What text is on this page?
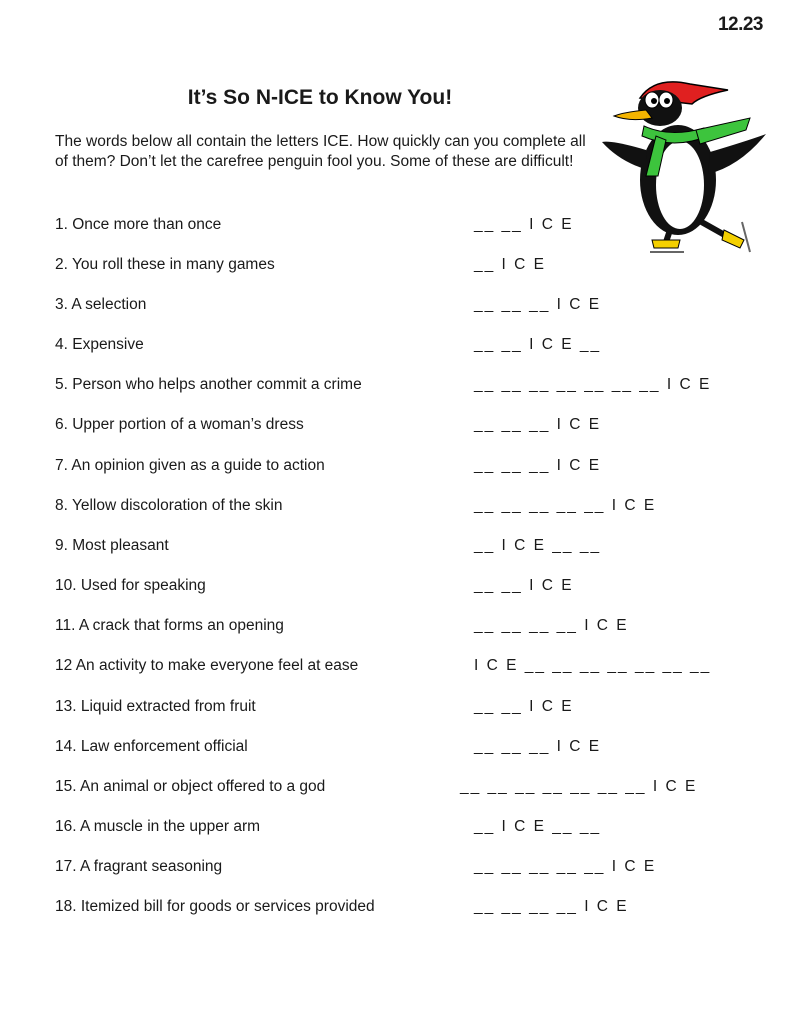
12.23
It’s So N-ICE to Know You!
The words below all contain the letters ICE. How quickly can you complete all of them? Don’t let the carefree penguin fool you. Some of these are difficult!
1. Once more than once	__ __ I C E
2. You roll these in many games	__ I C E
3. A selection	__ __ __ I C E
4. Expensive	__ __ I C E __
5. Person who helps another commit a crime	__ __ __ __ __ __ __ I C E
6. Upper portion of a woman’s dress	__ __ __ I C E
7. An opinion given as a guide to action	__ __ __ I C E
8. Yellow discoloration of the skin	__ __ __ __ __ I C E
9. Most pleasant	__ I C E __ __
10. Used for speaking	__ __ I C E
11. A crack that forms an opening	__ __ __ __ I C E
12 An activity to make everyone feel at ease	I C E __ __ __ __ __ __ __
13. Liquid extracted from fruit	__ __ I C E
14. Law enforcement official	__ __ __ I C E
15. An animal or object offered to a god	__ __ __ __ __ __ __ I C E
16. A muscle in the upper arm	__ I C E __ __
17. A fragrant seasoning	__ __ __ __ __ I C E
18. Itemized bill for goods or services provided	__ __ __ __ I C E
